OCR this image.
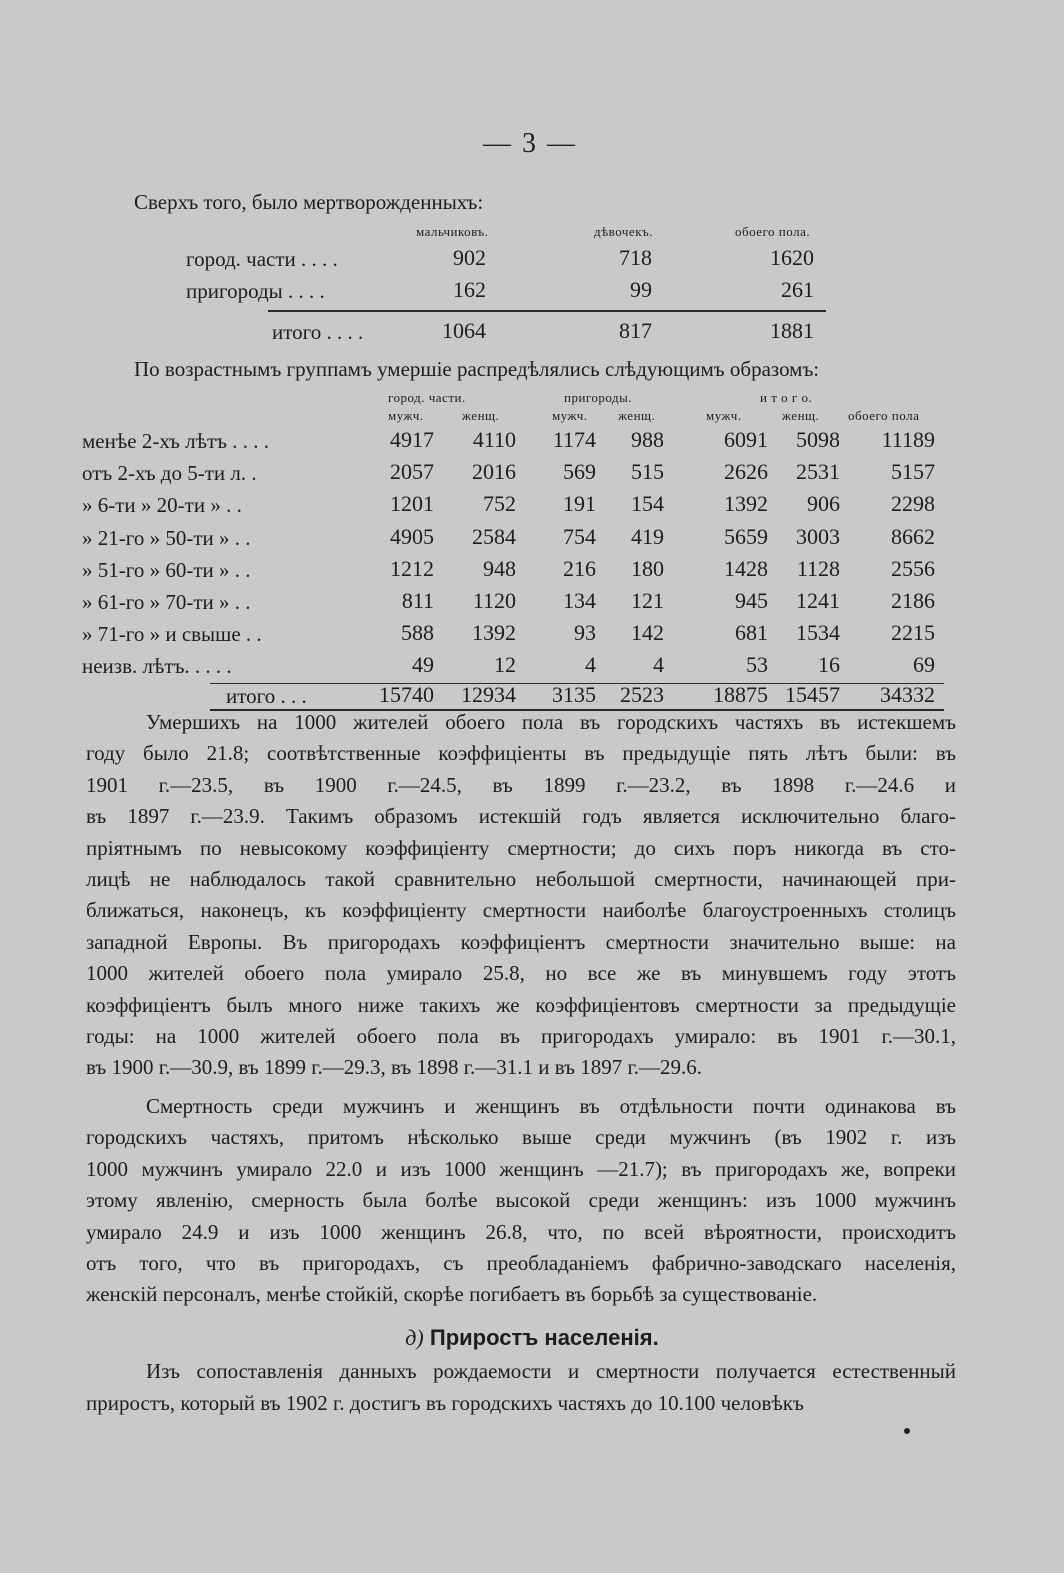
— 3 —
Сверхъ того, было мертворожденныхъ:
мальчиковъ.	дѣвочекъ.	обоего пола.
город. части . . . .	902	718	1620
пригороды . . . .	162	99	261
итого . . . .	1064	817	1881
По возрастнымъ группамъ умершіе распредѣлялись слѣдующимъ образомъ:
город. части.	пригороды.	и т о г о.
мужч.	женщ.	мужч. женщ.	мужч.	женщ. обоего пола
менѣе 2-хъ лѣтъ . . . .	4917	4110	1174	988	6091	5098	11189
отъ 2-хъ до 5-ти л. .	2057	2016	569	515	2626	2531	5157
» 6-ти » 20-ти » . .	1201	752	191	154	1392	906	2298
» 21-го » 50-ти » . .	4905	2584	754	419	5659	3003	8662
» 51-го » 60-ти » . .	1212	948	216	180	1428	1128	2556
» 61-го » 70-ти » . .	811	1120	134	121	945	1241	2186
» 71-го » и свыше . .	588	1392	93	142	681	1534	2215
неизв. лѣтъ. . . . .	49	12	4	4	53	16	69
итого . . .	15740	12934	3135	2523	18875 15457	34332
Умершихъ на 1000 жителей обоего пола въ городскихъ частяхъ въ истекшемъ
году было 21.8; соотвѣтственные коэффиціенты въ предыдущіе пять лѣтъ были: въ
1901 г.—23.5, въ 1900 г.—24.5, въ 1899 г.—23.2, въ 1898 г.—24.6 и
въ 1897 г.—23.9. Такимъ образомъ истекшій годъ является исключительно благо-
пріятнымъ по невысокому коэффиціенту смертности; до сихъ поръ никогда въ сто-
лицѣ не наблюдалось такой сравнительно небольшой смертности, начинающей при-
ближаться, наконецъ, къ коэффиціенту смертности наиболѣе благоустроенныхъ столицъ
западной Европы. Въ пригородахъ коэффиціентъ смертности значительно выше: на
1000 жителей обоего пола умирало 25.8, но все же въ минувшемъ году этотъ
коэффиціентъ былъ много ниже такихъ же коэффиціентовъ смертности за предыдущіе
годы: на 1000 жителей обоего пола въ пригородахъ умирало: въ 1901 г.—30.1,
въ 1900 г.—30.9, въ 1899 г.—29.3, въ 1898 г.—31.1 и въ 1897 г.—29.6.
Смертность среди мужчинъ и женщинъ въ отдѣльности почти одинакова въ
городскихъ частяхъ, притомъ нѣсколько выше среди мужчинъ (въ 1902 г. изъ
1000 мужчинъ умирало 22.0 и изъ 1000 женщинъ —21.7); въ пригородахъ же, вопреки
этому явленію, смерность была болѣе высокой среди женщинъ: изъ 1000 мужчинъ
умирало 24.9 и изъ 1000 женщинъ 26.8, что, по всей вѣроятности, происходитъ
отъ того, что въ пригородахъ, съ преобладаніемъ фабрично-заводскаго населенія,
женскій персоналъ, менѣе стойкій, скорѣе погибаетъ въ борьбѣ за существованіе.
д) Приростъ населенія.
Изъ сопоставленія данныхъ рождаемости и смертности получается естественный
приростъ, который въ 1902 г. достигъ въ городскихъ частяхъ до 10.100 человѣкъ
